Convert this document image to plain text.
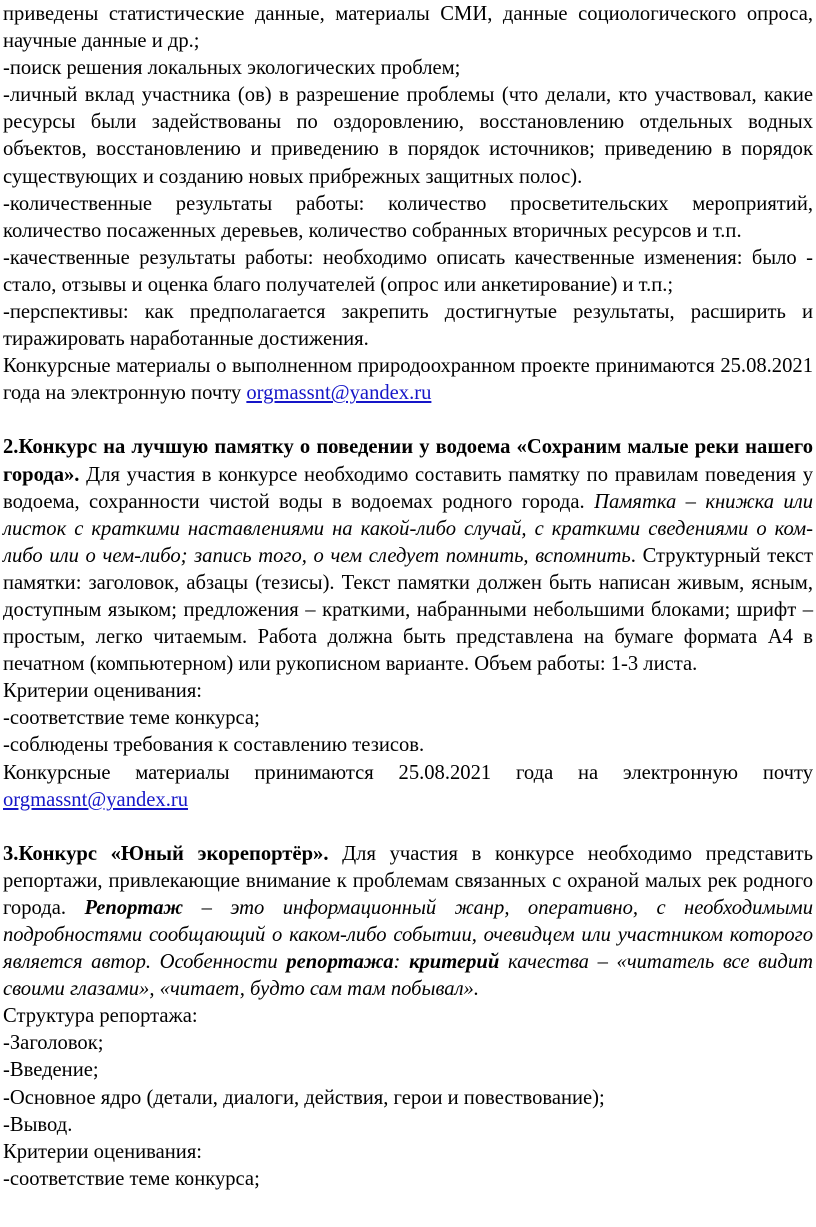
приведены статистические данные, материалы СМИ, данные социологического опроса, научные данные и др.;

-поиск решения локальных экологических проблем;

-личный вклад участника (ов) в разрешение проблемы (что делали, кто участвовал, какие ресурсы были задействованы по оздоровлению, восстановлению отдельных водных объектов, восстановлению и приведению в порядок источников; приведению в порядок существующих и созданию новых прибрежных защитных полос).

-количественные результаты работы: количество просветительских мероприятий, количество посаженных деревьев, количество собранных вторичных ресурсов и т.п.

-качественные результаты работы: необходимо описать качественные изменения: было - стало, отзывы и оценка благо получателей (опрос или анкетирование) и т.п.;

-перспективы: как предполагается закрепить достигнутые результаты, расширить и тиражировать наработанные достижения.

Конкурсные материалы о выполненном природоохранном проекте принимаются 25.08.2021 года на электронную почту orgmassnt@yandex.ru

2.Конкурс на лучшую памятку о поведении у водоема «Сохраним малые реки нашего города». Для участия в конкурсе необходимо составить памятку по правилам поведения у водоема, сохранности чистой воды в водоемах родного города. Памятка – книжка или листок с краткими наставлениями на какой-либо случай, с краткими сведениями о ком-либо или о чем-либо; запись того, о чем следует помнить, вспомнить. Структурный текст памятки: заголовок, абзацы (тезисы). Текст памятки должен быть написан живым, ясным, доступным языком; предложения – краткими, набранными небольшими блоками; шрифт – простым, легко читаемым. Работа должна быть представлена на бумаге формата А4 в печатном (компьютерном) или рукописном варианте. Объем работы: 1-3 листа.

Критерии оценивания:

-соответствие теме конкурса;

-соблюдены требования к составлению тезисов.

Конкурсные материалы принимаются 25.08.2021 года на электронную почту orgmassnt@yandex.ru

3.Конкурс «Юный экорепортёр». Для участия в конкурсе необходимо представить репортажи, привлекающие внимание к проблемам связанных с охраной малых рек родного города. Репортаж – это информационный жанр, оперативно, с необходимыми подробностями сообщающий о каком-либо событии, очевидцем или участником которого является автор. Особенности репортажа: критерий качества – «читатель все видит своими глазами», «читает, будто сам там побывал».

Структура репортажа:

-Заголовок;

-Введение;

-Основное ядро (детали, диалоги, действия, герои и повествование);

-Вывод.

Критерии оценивания:

-соответствие теме конкурса;
